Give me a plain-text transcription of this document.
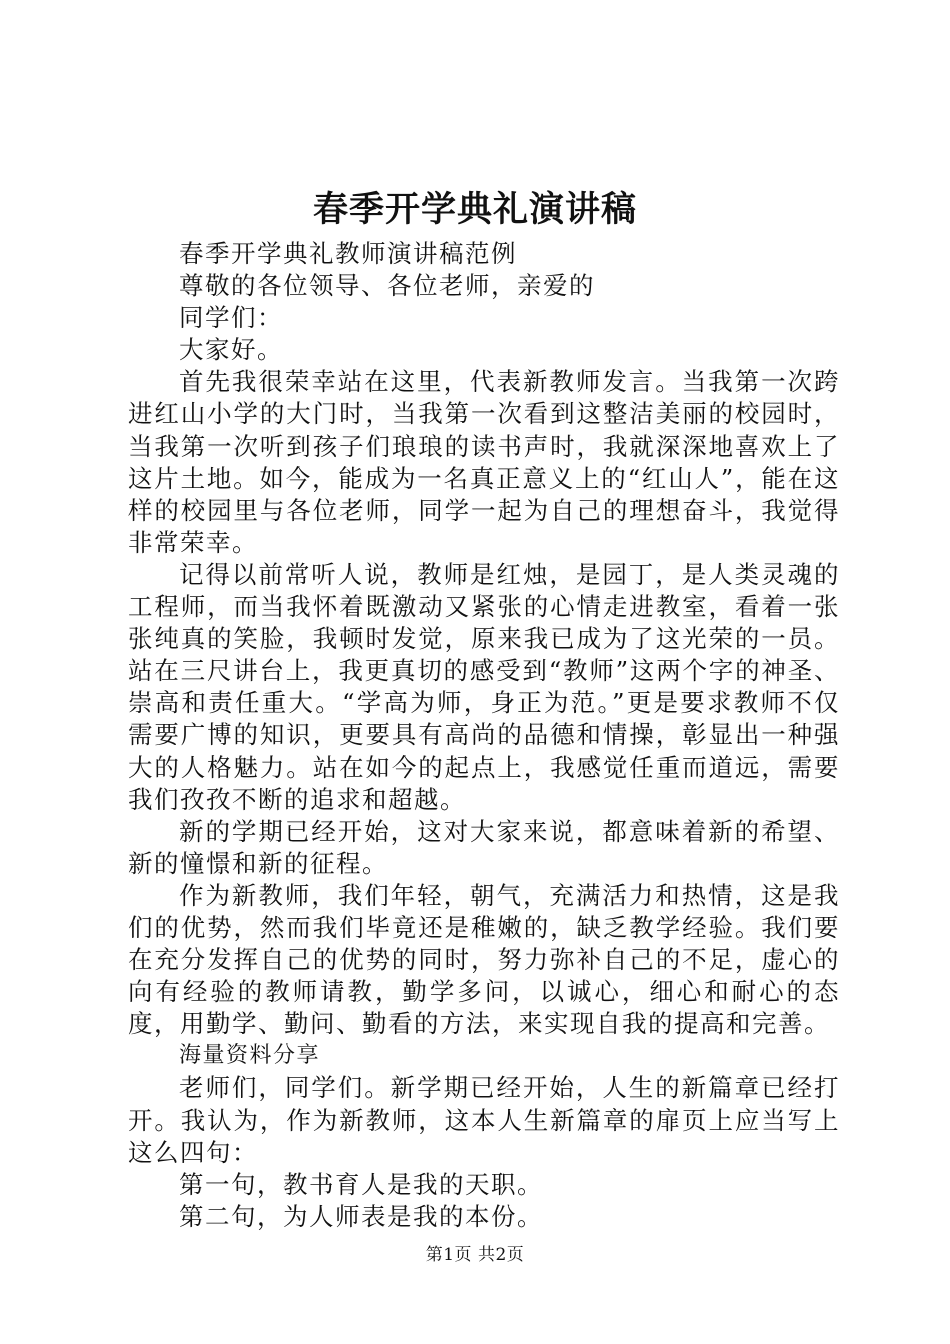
春季开学典礼演讲稿

春季开学典礼教师演讲稿范例

尊敬的各位领导、各位老师，亲爱的

同学们：

大家好。

首先我很荣幸站在这里，代表新教师发言。当我第一次跨进红山小学的大门时，当我第一次看到这整洁美丽的校园时，当我第一次听到孩子们琅琅的读书声时，我就深深地喜欢上了这片土地。如今，能成为一名真正意义上的“红山人”，能在这样的校园里与各位老师，同学一起为自己的理想奋斗，我觉得非常荣幸。

记得以前常听人说，教师是红烛，是园丁，是人类灵魂的工程师，而当我怀着既激动又紧张的心情走进教室，看着一张张纯真的笑脸，我顿时发觉，原来我已成为了这光荣的一员。站在三尺讲台上，我更真切的感受到“教师”这两个字的神圣、崇高和责任重大。“学高为师，身正为范。”更是要求教师不仅需要广博的知识，更要具有高尚的品德和情操，彰显出一种强大的人格魅力。站在如今的起点上，我感觉任重而道远，需要我们孜孜不断的追求和超越。

新的学期已经开始，这对大家来说，都意味着新的希望、新的憧憬和新的征程。

作为新教师，我们年轻，朝气，充满活力和热情，这是我们的优势，然而我们毕竟还是稚嫩的，缺乏教学经验。我们要在充分发挥自己的优势的同时，努力弥补自己的不足，虚心的向有经验的教师请教，勤学多问，以诚心，细心和耐心的态度，用勤学、勤问、勤看的方法，来实现自我的提高和完善。

海量资料分享

老师们，同学们。新学期已经开始，人生的新篇章已经打开。我认为，作为新教师，这本人生新篇章的扉页上应当写上这么四句：

第一句，教书育人是我的天职。

第二句，为人师表是我的本份。

第1页 共2页
